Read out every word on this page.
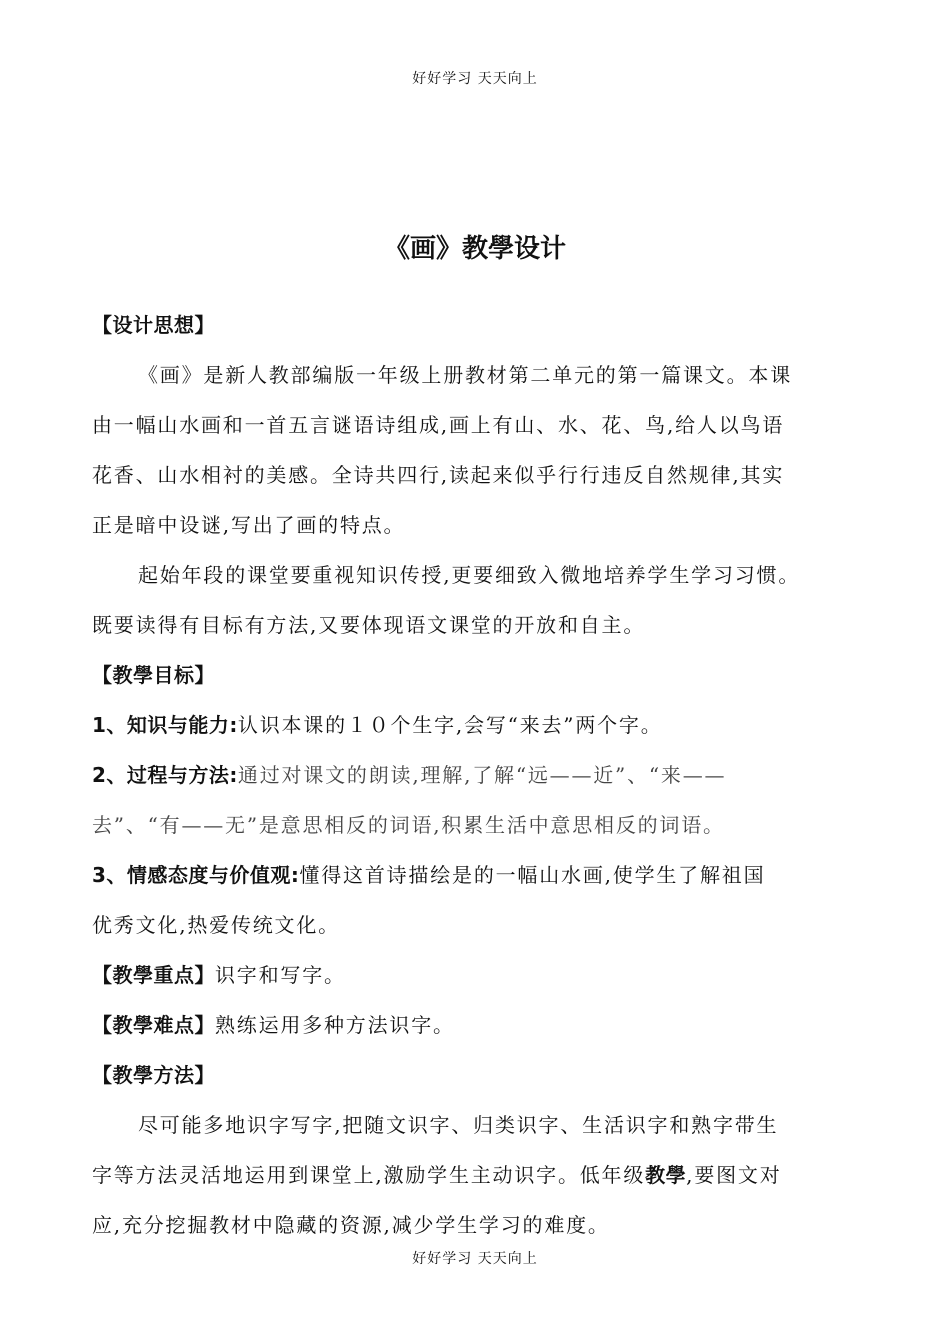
好好学习 天天向上
《画》教學设计
【设计思想】
《画》是新人教部编版一年级上册教材第二单元的第一篇课文。本课
由一幅山水画和一首五言谜语诗组成,画上有山、水、花、鸟,给人以鸟语
花香、山水相衬的美感。全诗共四行,读起来似乎行行违反自然规律,其实
正是暗中设谜,写出了画的特点。
起始年段的课堂要重视知识传授,更要细致入微地培养学生学习习惯。
既要读得有目标有方法,又要体现语文课堂的开放和自主。
【教學目标】
1、知识与能力:认识本课的１０个生字,会写“来去”两个字。
2、过程与方法:通过对课文的朗读,理解,了解“远——近”、“来——
去”、“有——无”是意思相反的词语,积累生活中意思相反的词语。
3、情感态度与价值观:懂得这首诗描绘是的一幅山水画,使学生了解祖国
优秀文化,热爱传统文化。
【教學重点】识字和写字。
【教學难点】熟练运用多种方法识字。
【教學方法】
尽可能多地识字写字,把随文识字、归类识字、生活识字和熟字带生
字等方法灵活地运用到课堂上,激励学生主动识字。低年级教學,要图文对
应,充分挖掘教材中隐藏的资源,减少学生学习的难度。
好好学习 天天向上
